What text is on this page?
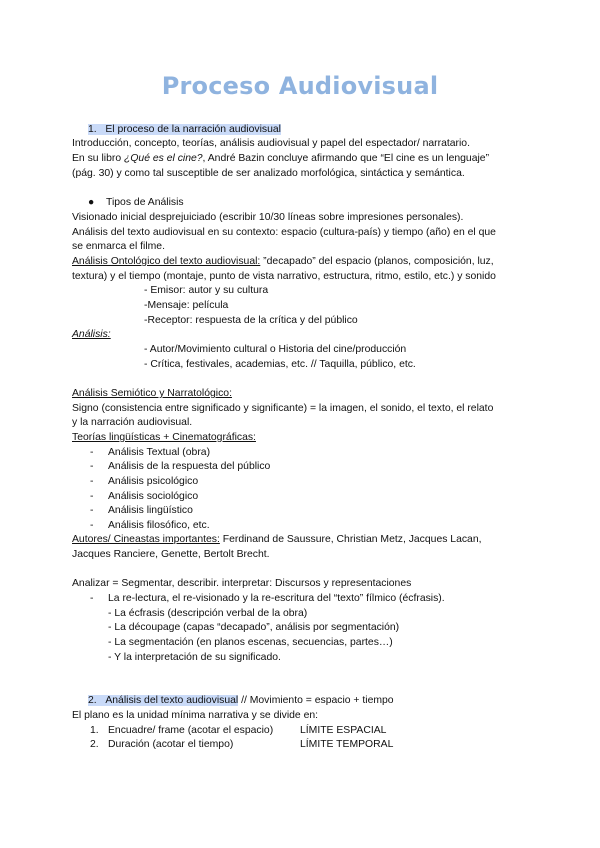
Proceso Audiovisual
1. El proceso de la narración audiovisual
Introducción, concepto, teorías, análisis audiovisual y papel del espectador/ narratario.
En su libro ¿Qué es el cine?, André Bazin concluye afirmando que “El cine es un lenguaje”
(pág. 30) y como tal susceptible de ser analizado morfológica, sintáctica y semántica.
● Tipos de Análisis
Visionado inicial desprejuiciado (escribir 10/30 líneas sobre impresiones personales).
Análisis del texto audiovisual en su contexto: espacio (cultura-país) y tiempo (año) en el que
se enmarca el filme.
Análisis Ontológico del texto audiovisual: ”decapado” del espacio (planos, composición, luz,
textura) y el tiempo (montaje, punto de vista narrativo, estructura, ritmo, estilo, etc.) y sonido
- Emisor: autor y su cultura
-Mensaje: película
-Receptor: respuesta de la crítica y del público
Análisis:
- Autor/Movimiento cultural o Historia del cine/producción
- Crítica, festivales, academias, etc. // Taquilla, público, etc.
Análisis Semiótico y Narratológico:
Signo (consistencia entre significado y significante) = la imagen, el sonido, el texto, el relato
y la narración audiovisual.
Teorías lingüísticas + Cinematográficas:
- Análisis Textual (obra)
- Análisis de la respuesta del público
- Análisis psicológico
- Análisis sociológico
- Análisis lingüístico
- Análisis filosófico, etc.
Autores/ Cineastas importantes: Ferdinand de Saussure, Christian Metz, Jacques Lacan,
Jacques Ranciere, Genette, Bertolt Brecht.
Analizar = Segmentar, describir. interpretar: Discursos y representaciones
- La re-lectura, el re-visionado y la re-escritura del “texto” fílmico (écfrasis).
- La écfrasis (descripción verbal de la obra)
- La découpage (capas “decapado”, análisis por segmentación)
- La segmentación (en planos escenas, secuencias, partes…)
- Y la interpretación de su significado.
2. Análisis del texto audiovisual // Movimiento = espacio + tiempo
El plano es la unidad mínima narrativa y se divide en:
1. Encuadre/ frame (acotar el espacio)	LÍMITE ESPACIAL
2. Duración (acotar el tiempo)	LÍMITE TEMPORAL
